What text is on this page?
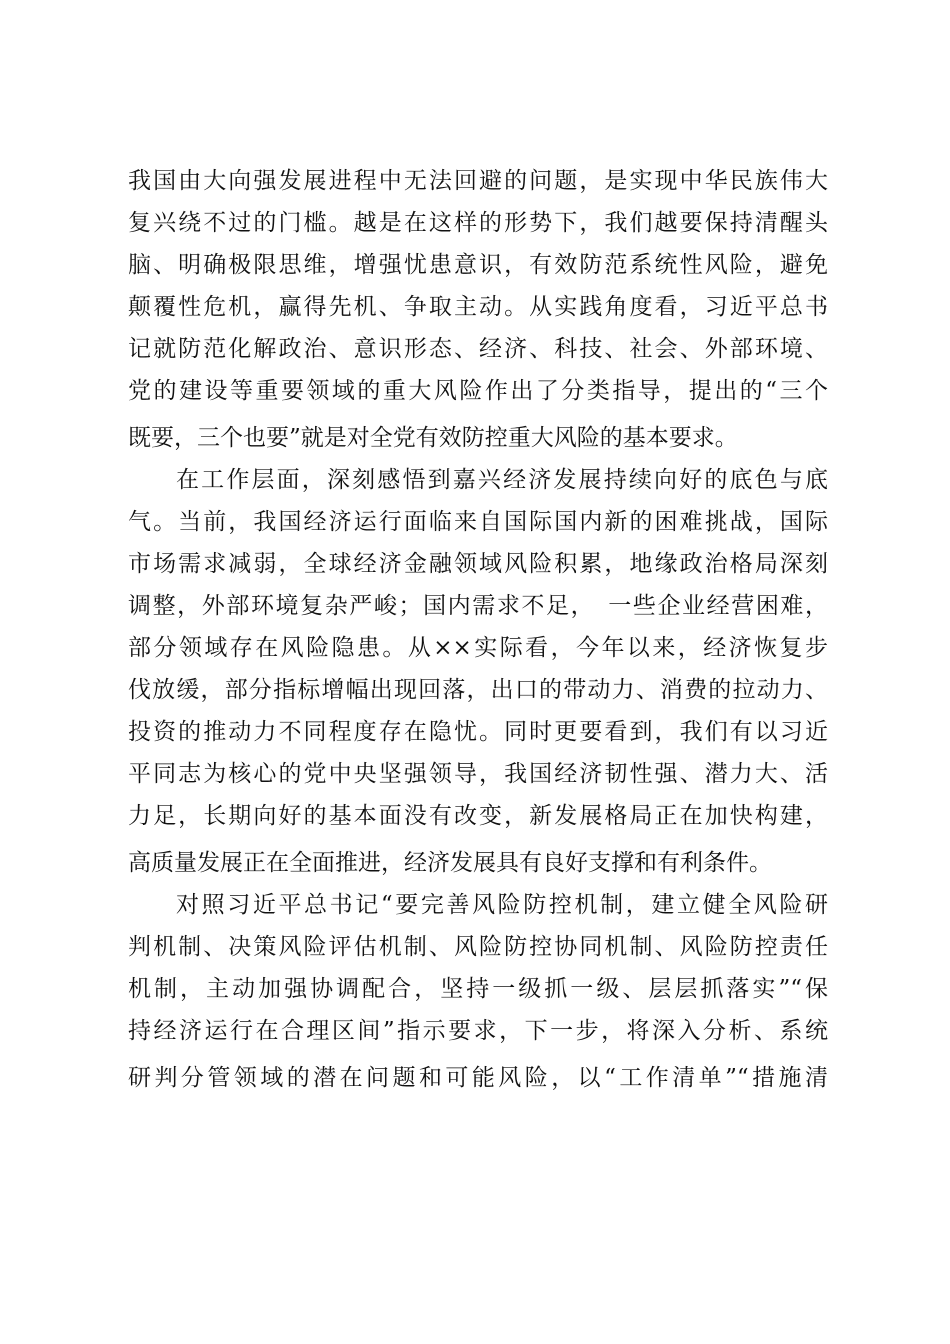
我国由大向强发展进程中无法回避的问题，是实现中华民族伟大
复兴绕不过的门槛。越是在这样的形势下，我们越要保持清醒头
脑、明确极限思维，增强忧患意识，有效防范系统性风险，避免
颠覆性危机，赢得先机、争取主动。从实践角度看，习近平总书
记就防范化解政治、意识形态、经济、科技、社会、外部环境、
党的建设等重要领域的重大风险作出了分类指导，提出的“三个
既要，三个也要”就是对全党有效防控重大风险的基本要求。
在工作层面，深刻感悟到嘉兴经济发展持续向好的底色与底
气。当前，我国经济运行面临来自国际国内新的困难挑战，国际
市场需求减弱，全球经济金融领域风险积累，地缘政治格局深刻
调整，外部环境复杂严峻；国内需求不足，　一些企业经营困难，
部分领域存在风险隐患。从××实际看，今年以来，经济恢复步
伐放缓，部分指标增幅出现回落，出口的带动力、消费的拉动力、
投资的推动力不同程度存在隐忧。同时更要看到，我们有以习近
平同志为核心的党中央坚强领导，我国经济韧性强、潜力大、活
力足，长期向好的基本面没有改变，新发展格局正在加快构建，
高质量发展正在全面推进，经济发展具有良好支撑和有利条件。
对照习近平总书记“要完善风险防控机制，建立健全风险研
判机制、决策风险评估机制、风险防控协同机制、风险防控责任
机制，主动加强协调配合，坚持一级抓一级、层层抓落实”“保
持经济运行在合理区间”指示要求，下一步，将深入分析、系统
研判分管领域的潜在问题和可能风险，以“工作清单”“措施清
